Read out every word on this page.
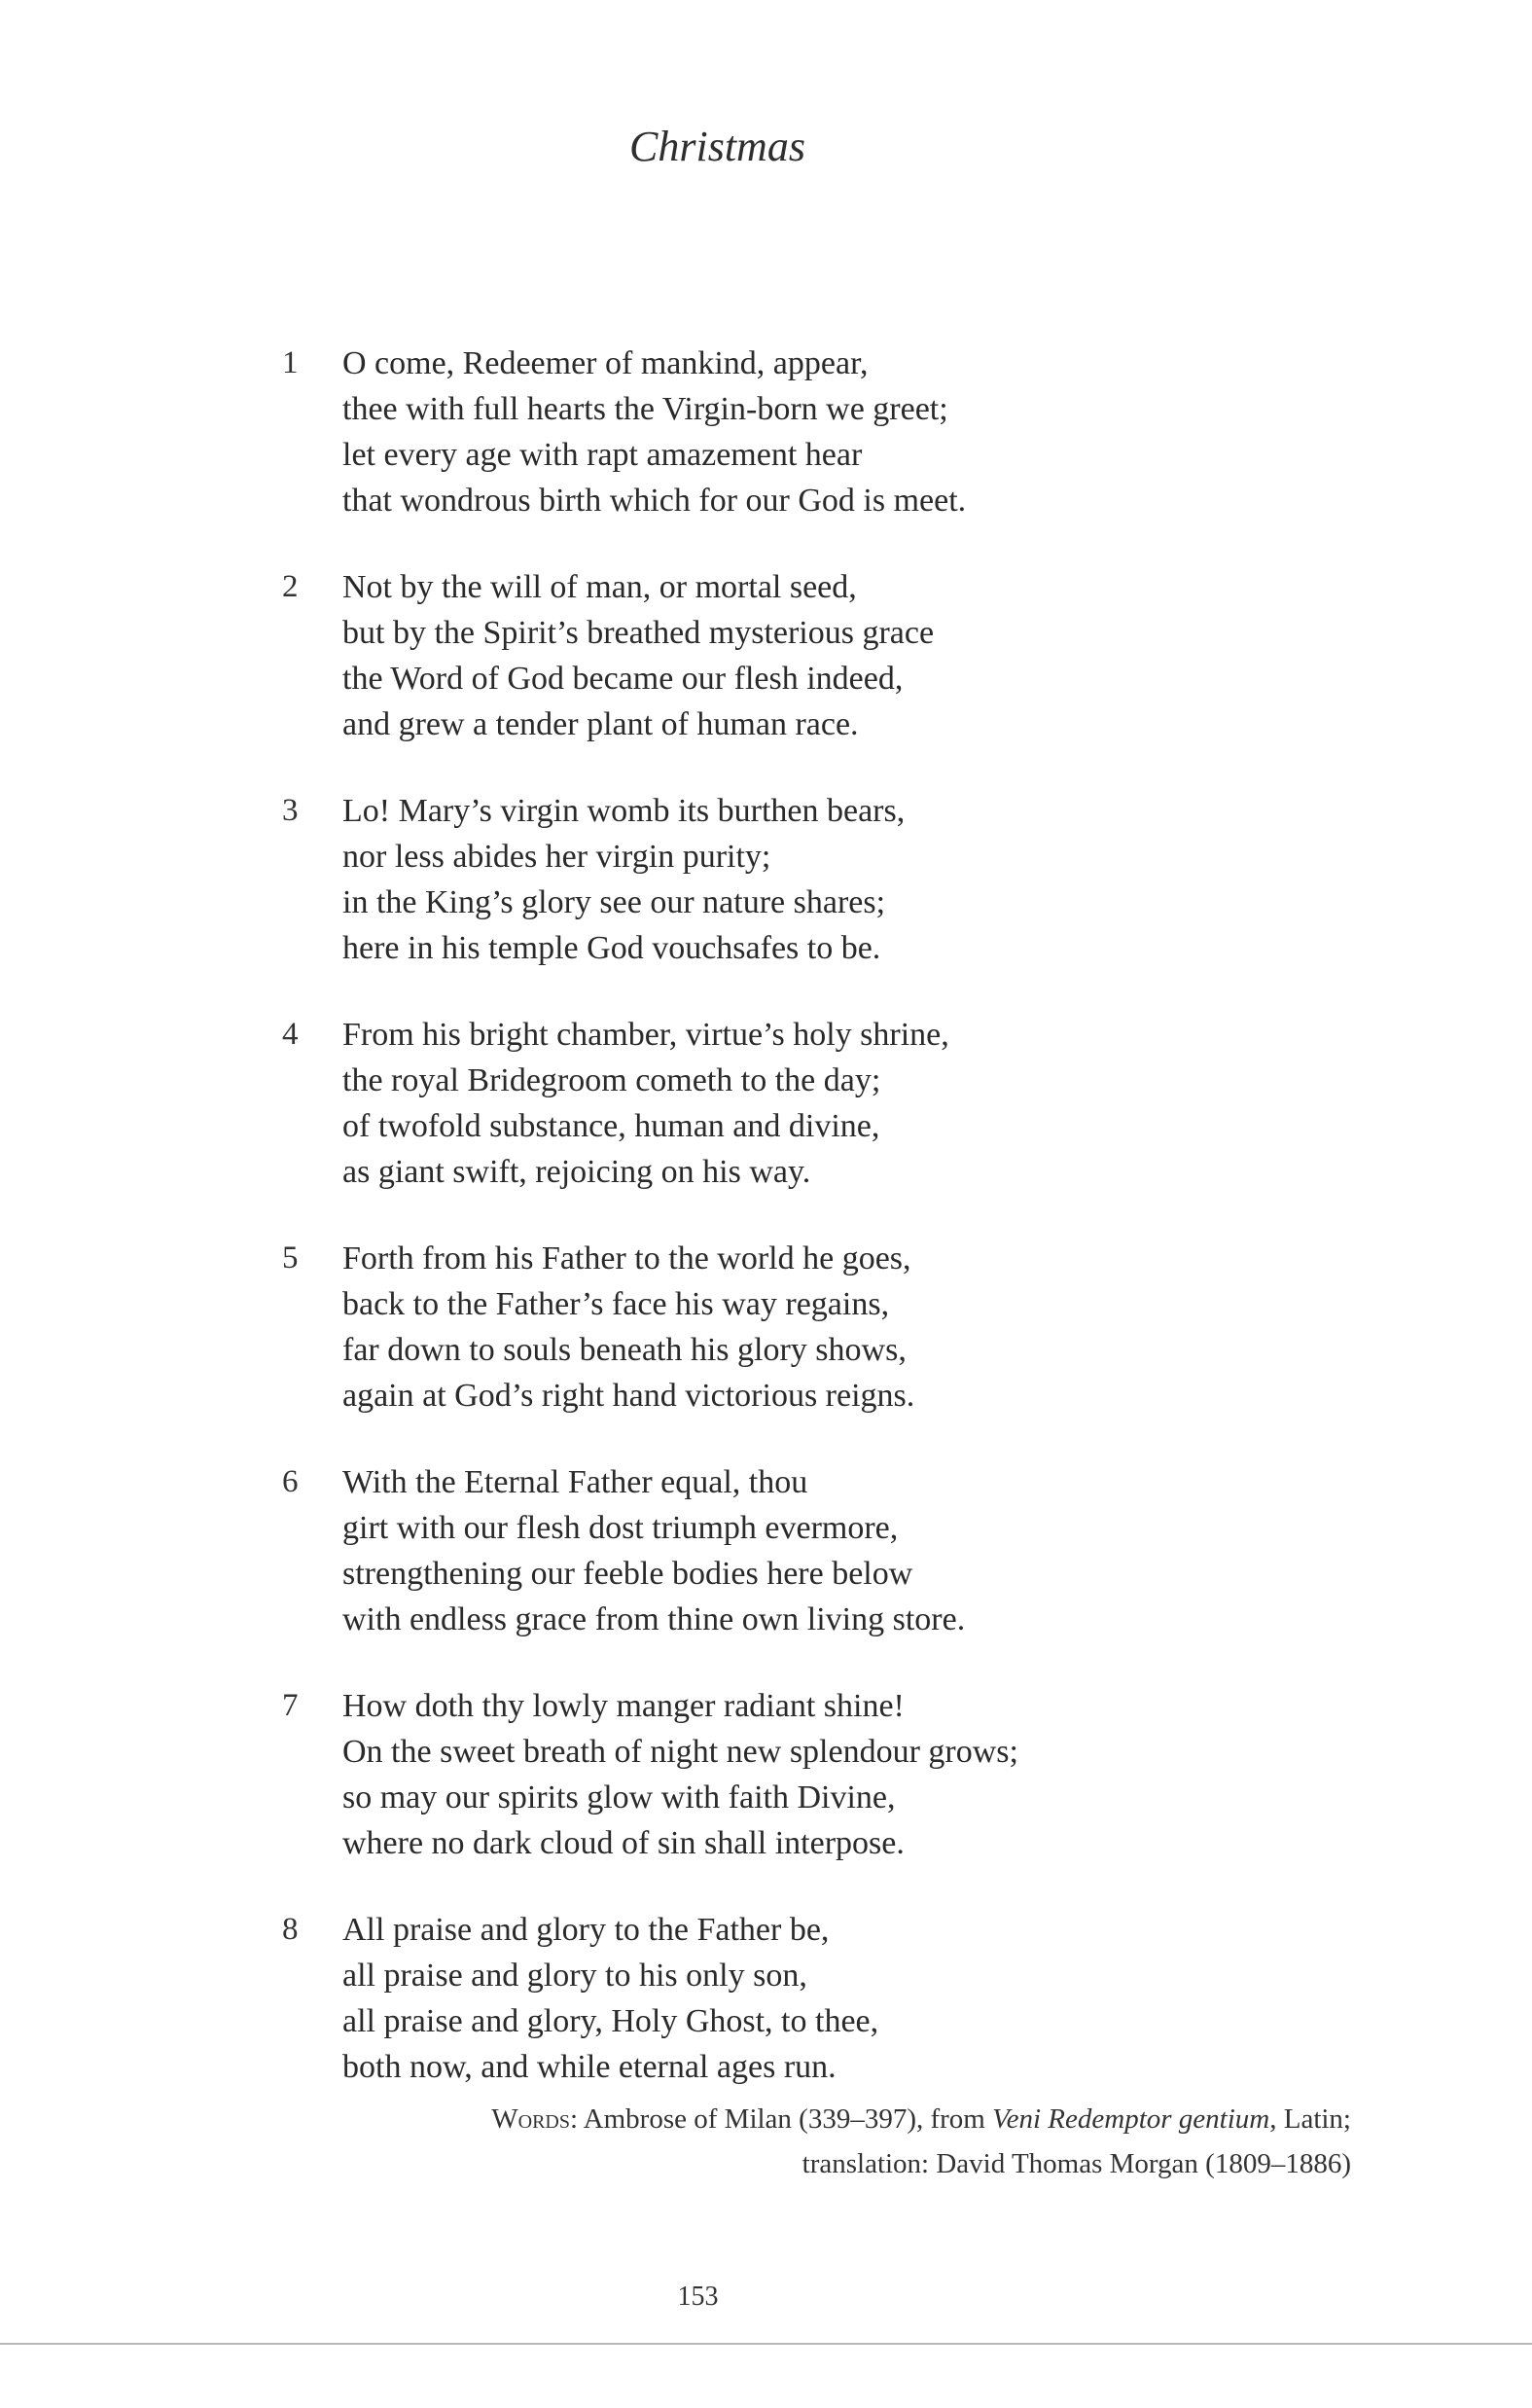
Christmas
1	O come, Redeemer of mankind, appear,
thee with full hearts the Virgin-born we greet;
let every age with rapt amazement hear
that wondrous birth which for our God is meet.
2	Not by the will of man, or mortal seed,
but by the Spirit’s breathed mysterious grace
the Word of God became our flesh indeed,
and grew a tender plant of human race.
3	Lo! Mary’s virgin womb its burthen bears,
nor less abides her virgin purity;
in the King’s glory see our nature shares;
here in his temple God vouchsafes to be.
4	From his bright chamber, virtue’s holy shrine,
the royal Bridegroom cometh to the day;
of twofold substance, human and divine,
as giant swift, rejoicing on his way.
5	Forth from his Father to the world he goes,
back to the Father’s face his way regains,
far down to souls beneath his glory shows,
again at God’s right hand victorious reigns.
6	With the Eternal Father equal, thou
girt with our flesh dost triumph evermore,
strengthening our feeble bodies here below
with endless grace from thine own living store.
7	How doth thy lowly manger radiant shine!
On the sweet breath of night new splendour grows;
so may our spirits glow with faith Divine,
where no dark cloud of sin shall interpose.
8	All praise and glory to the Father be,
all praise and glory to his only son,
all praise and glory, Holy Ghost, to thee,
both now, and while eternal ages run.
Words: Ambrose of Milan (339–397), from Veni Redemptor gentium, Latin;
translation: David Thomas Morgan (1809–1886)
153
